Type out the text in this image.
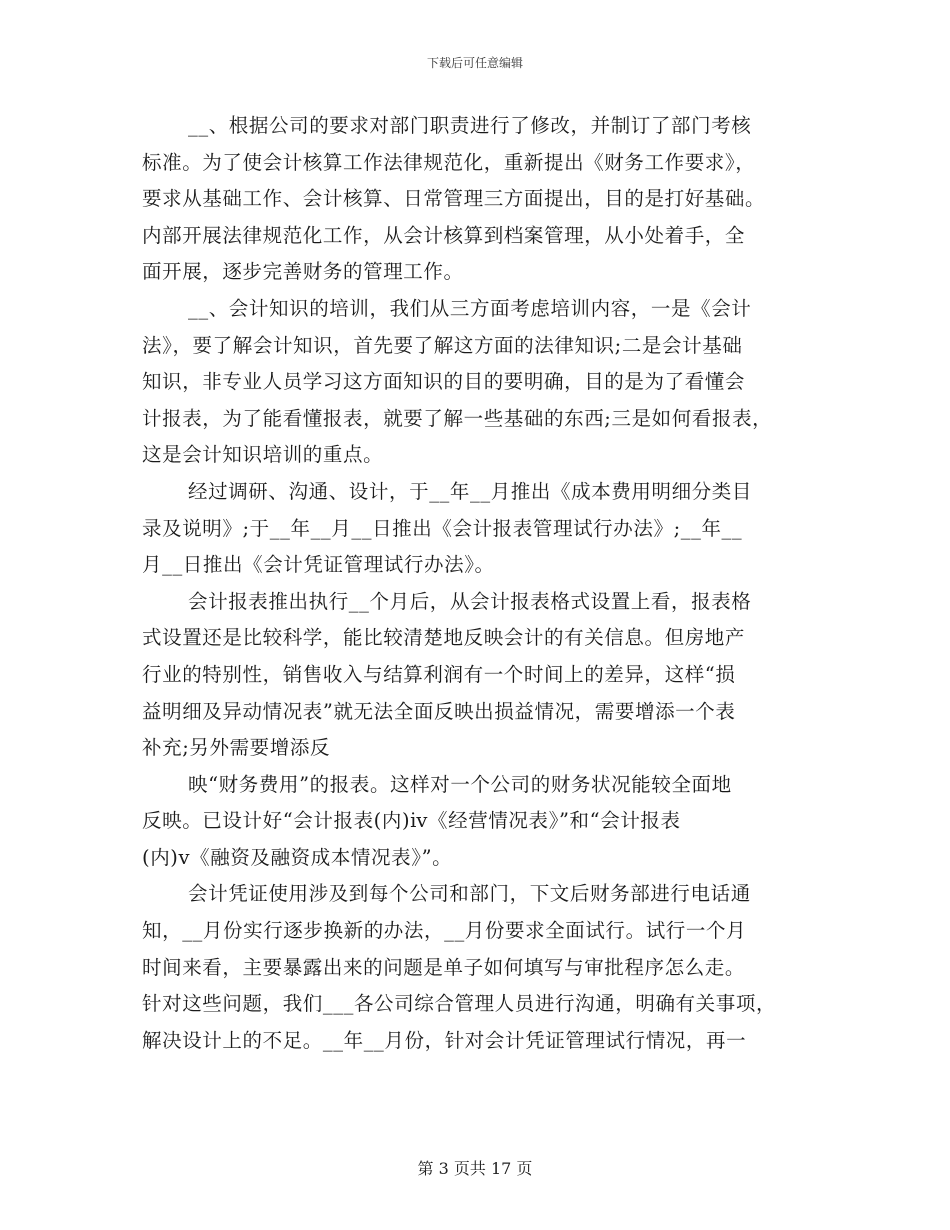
下载后可任意编辑
__、根据公司的要求对部门职责进行了修改，并制订了部门考核
标准。为了使会计核算工作法律规范化，重新提出《财务工作要求》，
要求从基础工作、会计核算、日常管理三方面提出，目的是打好基础。
内部开展法律规范化工作，从会计核算到档案管理，从小处着手，全
面开展，逐步完善财务的管理工作。
__、会计知识的培训，我们从三方面考虑培训内容，一是《会计
法》，要了解会计知识，首先要了解这方面的法律知识;二是会计基础
知识，非专业人员学习这方面知识的目的要明确，目的是为了看懂会
计报表，为了能看懂报表，就要了解一些基础的东西;三是如何看报表，
这是会计知识培训的重点。
经过调研、沟通、设计，于__年__月推出《成本费用明细分类目
录及说明》;于__年__月__日推出《会计报表管理试行办法》;__年__
月__日推出《会计凭证管理试行办法》。
会计报表推出执行__个月后，从会计报表格式设置上看，报表格
式设置还是比较科学，能比较清楚地反映会计的有关信息。但房地产
行业的特别性，销售收入与结算利润有一个时间上的差异，这样“损
益明细及异动情况表”就无法全面反映出损益情况，需要增添一个表
补充;另外需要增添反
映“财务费用”的报表。这样对一个公司的财务状况能较全面地
反映。已设计好“会计报表(内)ⅳ《经营情况表》”和“会计报表
(内)ⅴ《融资及融资成本情况表》”。
会计凭证使用涉及到每个公司和部门，下文后财务部进行电话通
知，__月份实行逐步换新的办法，__月份要求全面试行。试行一个月
时间来看，主要暴露出来的问题是单子如何填写与审批程序怎么走。
针对这些问题，我们___各公司综合管理人员进行沟通，明确有关事项，
解决设计上的不足。__年__月份，针对会计凭证管理试行情况，再一
第 3 页共 17 页
